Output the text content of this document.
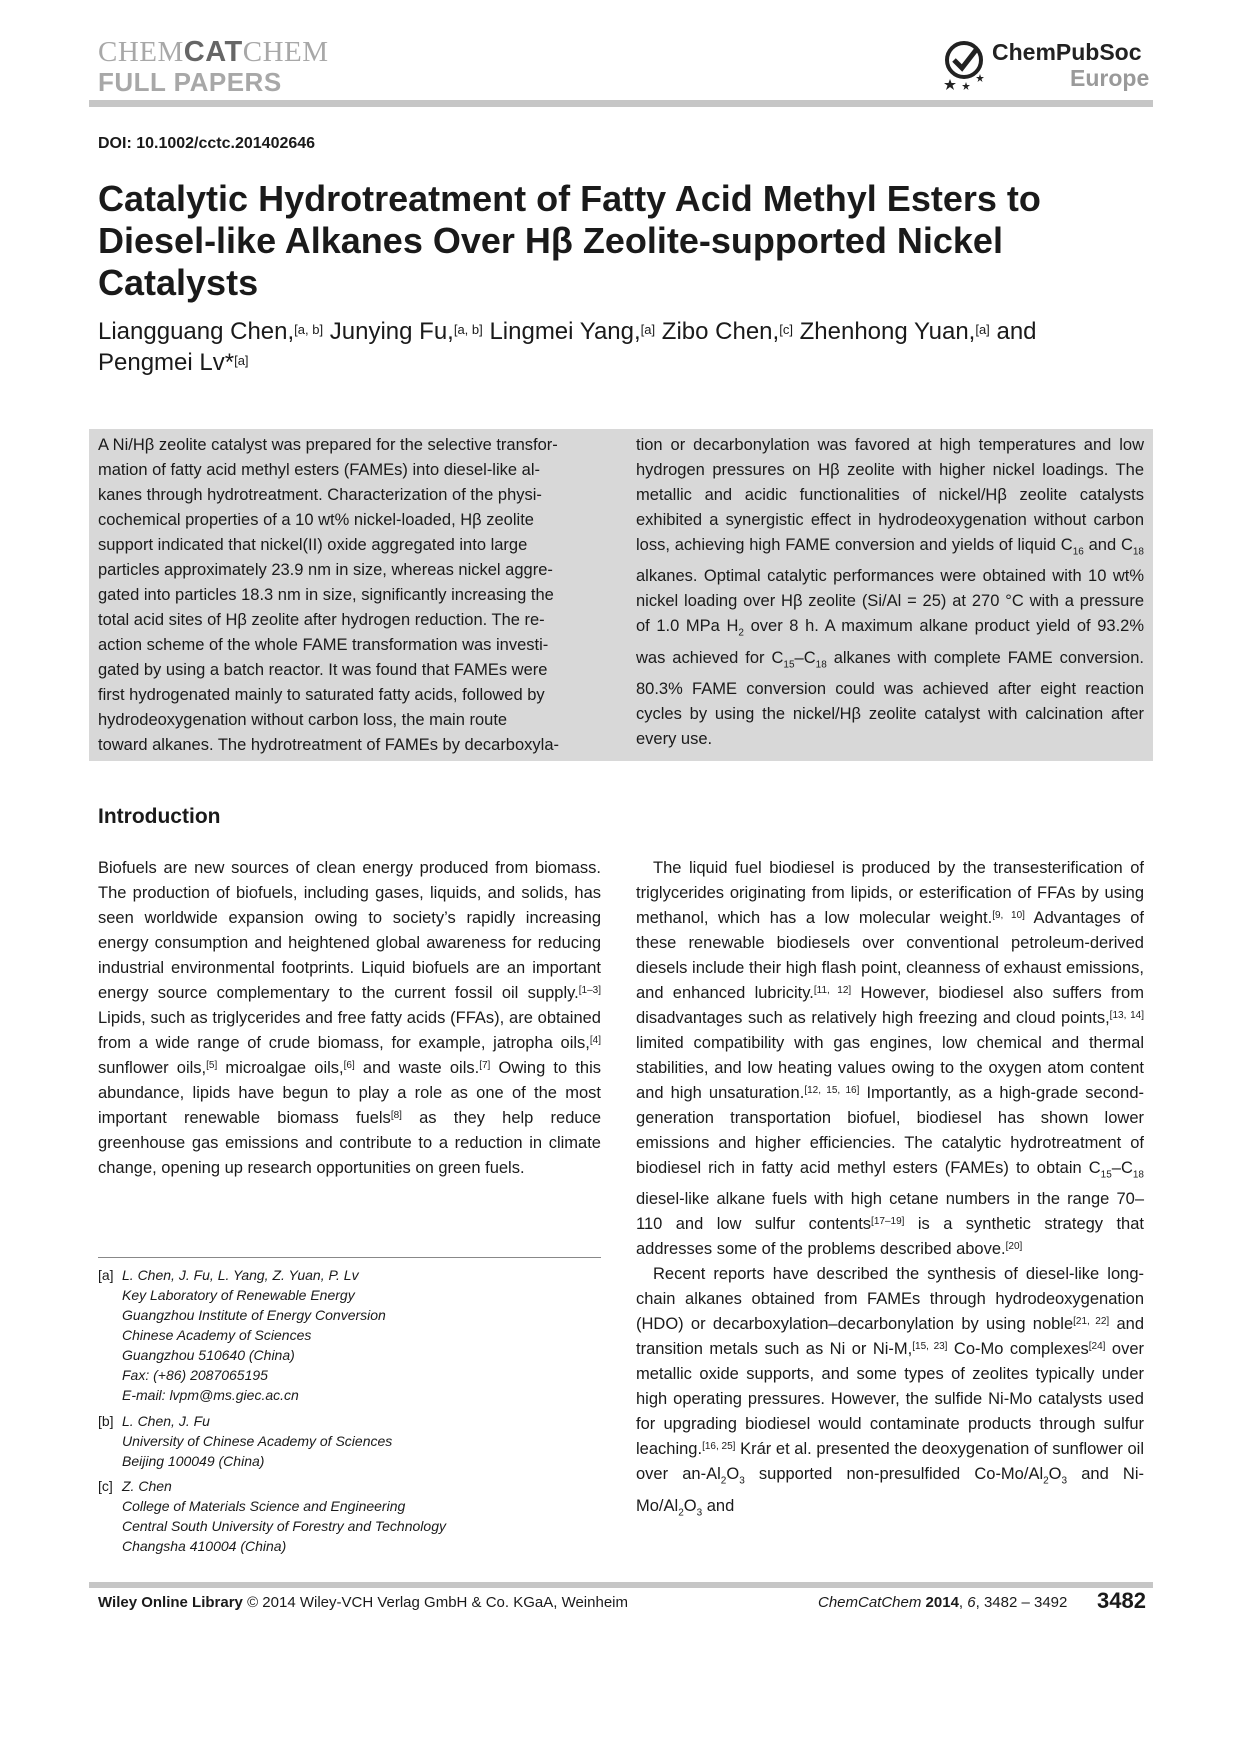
CHEMCATCHEM
FULL PAPERS
ChemPubSoc
Europe
DOI: 10.1002/cctc.201402646
Catalytic Hydrotreatment of Fatty Acid Methyl Esters to Diesel-like Alkanes Over Hβ Zeolite-supported Nickel Catalysts
Liangguang Chen,[a, b] Junying Fu,[a, b] Lingmei Yang,[a] Zibo Chen,[c] Zhenhong Yuan,[a] and
Pengmei Lv*[a]
A Ni/Hβ zeolite catalyst was prepared for the selective transfor-
mation of fatty acid methyl esters (FAMEs) into diesel-like al-
kanes through hydrotreatment. Characterization of the physi-
cochemical properties of a 10 wt% nickel-loaded, Hβ zeolite
support indicated that nickel(II) oxide aggregated into large
particles approximately 23.9 nm in size, whereas nickel aggre-
gated into particles 18.3 nm in size, significantly increasing the
total acid sites of Hβ zeolite after hydrogen reduction. The re-
action scheme of the whole FAME transformation was investi-
gated by using a batch reactor. It was found that FAMEs were
first hydrogenated mainly to saturated fatty acids, followed by
hydrodeoxygenation without carbon loss, the main route
toward alkanes. The hydrotreatment of FAMEs by decarboxyla-

tion or decarbonylation was favored at high temperatures and low hydrogen pressures on Hβ zeolite with higher nickel loadings. The metallic and acidic functionalities of nickel/Hβ zeolite catalysts exhibited a synergistic effect in hydrodeoxygenation without carbon loss, achieving high FAME conversion and yields of liquid $C_{16}$ and $C_{18}$ alkanes. Optimal catalytic performances were obtained with 10 wt% nickel loading over Hβ zeolite (Si/Al = 25) at 270 °C with a pressure of 1.0 MPa $H_2$ over 8 h. A maximum alkane product yield of 93.2% was achieved for $C_{15}-C_{18}$ alkanes with complete FAME conversion. 80.3% FAME conversion could was achieved after eight reaction cycles by using the nickel/Hβ zeolite catalyst with calcination after every use.

Introduction

Biofuels are new sources of clean energy produced from biomass. The production of biofuels, including gases, liquids, and solids, has seen worldwide expansion owing to society’s rapidly increasing energy consumption and heightened global awareness for reducing industrial environmental footprints. Liquid biofuels are an important energy source complementary to the current fossil oil supply.[1–3] Lipids, such as triglycerides and free fatty acids (FFAs), are obtained from a wide range of crude biomass, for example, jatropha oils,[4] sunflower oils,[5] microalgae oils,[6] and waste oils.[7] Owing to this abundance, lipids have begun to play a role as one of the most important renewable biomass fuels[8] as they help reduce greenhouse gas emissions and contribute to a reduction in climate change, opening up research opportunities on green fuels.

The liquid fuel biodiesel is produced by the transesterification of triglycerides originating from lipids, or esterification of FFAs by using methanol, which has a low molecular weight.[9, 10] Advantages of these renewable biodiesels over conventional petroleum-derived diesels include their high flash point, cleanness of exhaust emissions, and enhanced lubricity.[11, 12] However, biodiesel also suffers from disadvantages such as relatively high freezing and cloud points,[13, 14] limited compatibility with gas engines, low chemical and thermal stabilities, and low heating values owing to the oxygen atom content and high unsaturation.[12, 15, 16] Importantly, as a high-grade second-generation transportation biofuel, biodiesel has shown lower emissions and higher efficiencies. The catalytic hydrotreatment of biodiesel rich in fatty acid methyl esters (FAMEs) to obtain $C_{15}-C_{18}$ diesel-like alkane fuels with high cetane numbers in the range 70–110 and low sulfur contents[17–19] is a synthetic strategy that addresses some of the problems described above.[20]

Recent reports have described the synthesis of diesel-like long-chain alkanes obtained from FAMEs through hydrodeoxygenation (HDO) or decarboxylation–decarbonylation by using noble[21, 22] and transition metals such as Ni or Ni-M,[15, 23] Co-Mo complexes[24] over metallic oxide supports, and some types of zeolites typically under high operating pressures. However, the sulfide Ni-Mo catalysts used for upgrading biodiesel would contaminate products through sulfur leaching.[16, 25] Krár et al. presented the deoxygenation of sunflower oil over $an-Al_2O_3$ supported non-presulfided $Co-Mo/Al_2O_3$ and $Ni-Mo/Al_2O_3$ and

[a] L. Chen, J. Fu, L. Yang, Z. Yuan, P. Lv
Key Laboratory of Renewable Energy
Guangzhou Institute of Energy Conversion
Chinese Academy of Sciences
Guangzhou 510640 (China)
Fax: (+86) 2087065195
E-mail: lvpm@ms.giec.ac.cn
[b] L. Chen, J. Fu
University of Chinese Academy of Sciences
Beijing 100049 (China)
[c] Z. Chen
College of Materials Science and Engineering
Central South University of Forestry and Technology
Changsha 410004 (China)
Wiley Online Library © 2014 Wiley-VCH Verlag GmbH & Co. KGaA, Weinheim	ChemCatChem 2014, 6, 3482 – 3492 3482
